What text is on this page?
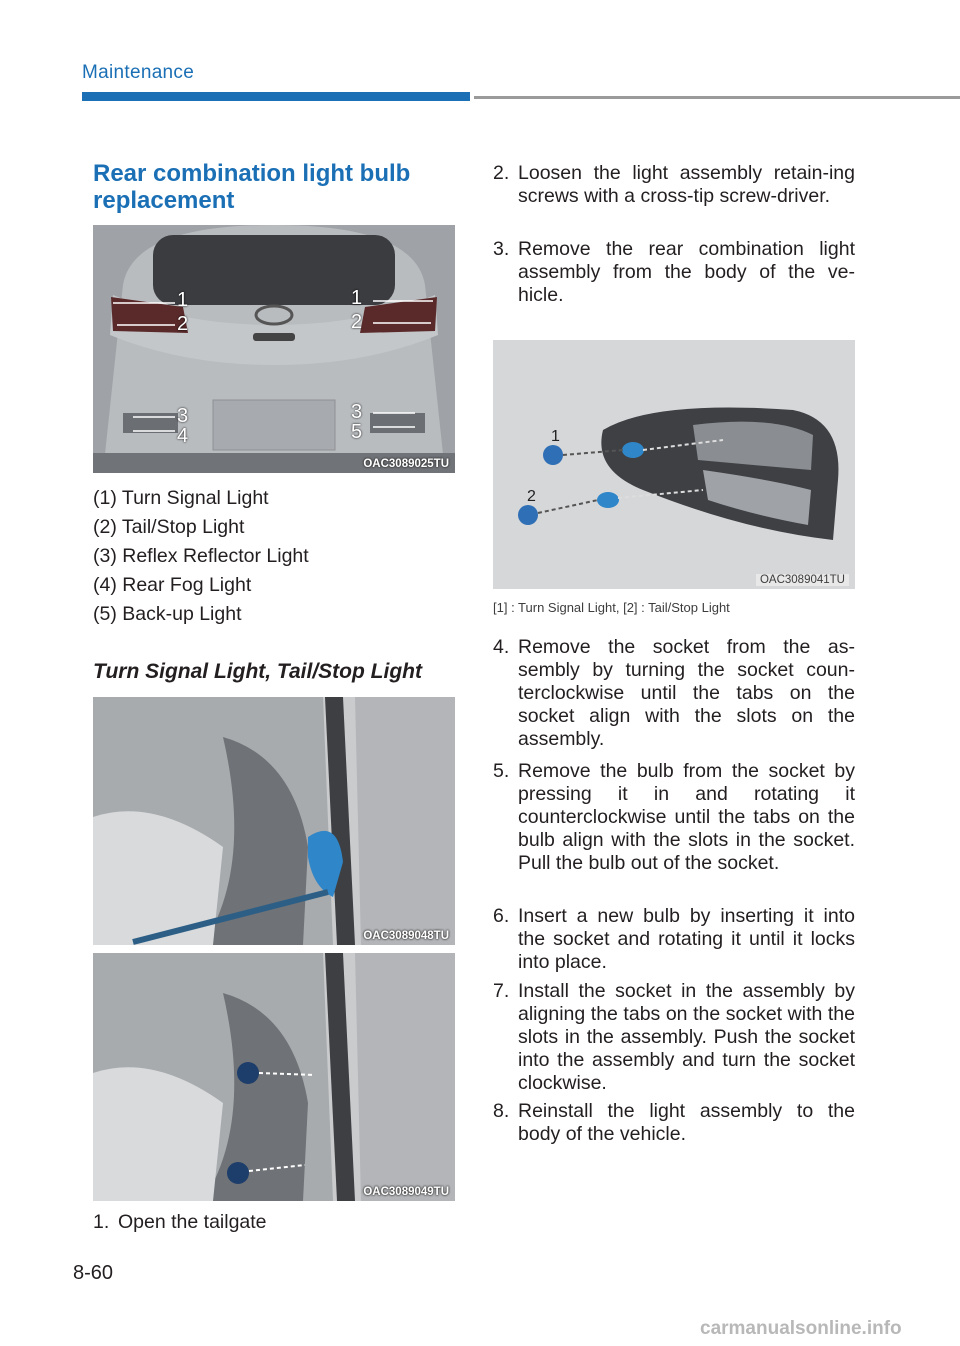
Maintenance
Rear combination light bulb replacement
1
2
1
2
3
4
3
5
OAC3089025TU
(1) Turn Signal Light
(2) Tail/Stop Light
(3) Reflex Reflector Light
(4) Rear Fog Light
(5) Back-up Light
Turn Signal Light, Tail/Stop Light
OAC3089048TU
OAC3089049TU
1. Open the tailgate
2. Loosen the light assembly retain-ing screws with a cross-tip screw-driver.
3. Remove the rear combination light assembly from the body of the ve-hicle.
1
2
OAC3089041TU
[1] : Turn Signal Light, [2] : Tail/Stop Light
4. Remove the socket from the as-sembly by turning the socket coun-terclockwise until the tabs on the socket align with the slots on the assembly.
5. Remove the bulb from the socket by pressing it in and rotating it counterclockwise until the tabs on the bulb align with the slots in the socket. Pull the bulb out of the socket.
6. Insert a new bulb by inserting it into the socket and rotating it until it locks into place.
7. Install the socket in the assembly by aligning the tabs on the socket with the slots in the assembly. Push the socket into the assembly and turn the socket clockwise.
8. Reinstall the light assembly to the body of the vehicle.
8-60
carmanualsonline.info
